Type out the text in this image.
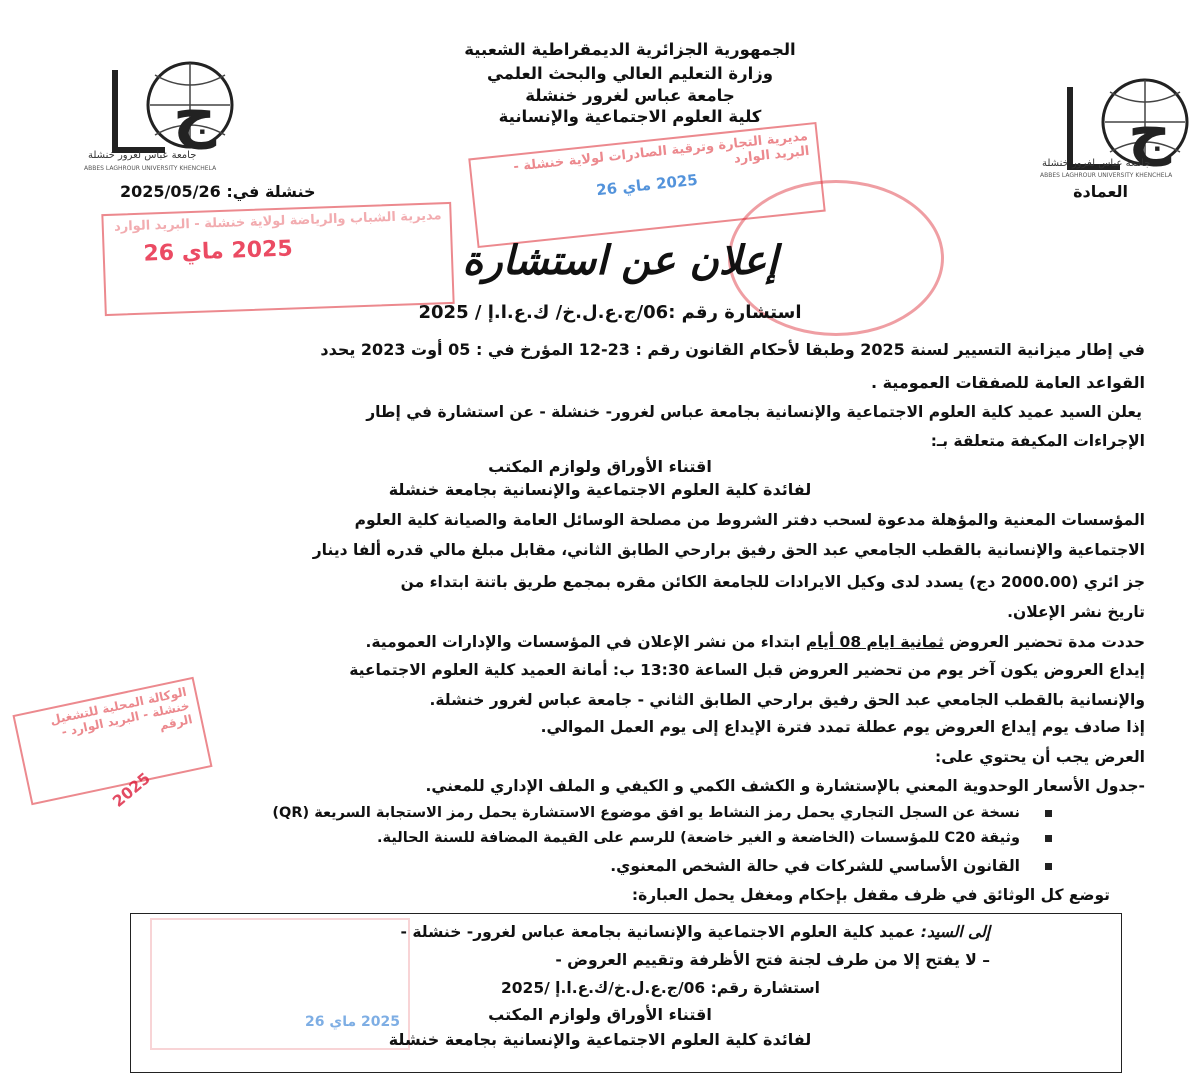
ج
جامعة عباس لغرور خنشلة
ABBES LAGHROUR UNIVERSITY KHENCHELA
ج
جامعة عباس لغرور خنشلة
ABBES LAGHROUR UNIVERSITY KHENCHELA
الجمهورية الجزائرية الديمقراطية الشعبية
وزارة التعليم العالي والبحث العلمي
جامعة عباس لغرور خنشلة
كلية العلوم الاجتماعية والإنسانية
العمادة
خنشلة في: 2025/05/26
مديرية التجارة وترقية الصادرات لولاية خنشلة - البريد الوارد
2025 ماي 26
مديرية الشباب والرياضة لولاية خنشلة - البريد الوارد
2025 ماي 26
الوكالة المحلية للتشغيل خنشلة - البريد الوارد - الرقم
2025
إعلان عن استشارة
استشارة رقم :06/ج.ع.ل.خ/ ك.ع.ا.إ / 2025
في إطار ميزانية التسيير لسنة 2025 وطبقا لأحكام القانون رقم : 23-12 المؤرخ في : 05 أوت 2023 يحدد
القواعد العامة للصفقات العمومية .
يعلن السيد عميد كلية العلوم الاجتماعية والإنسانية بجامعة عباس لغرور- خنشلة - عن استشارة في إطار
الإجراءات المكيفة متعلقة بـ:
اقتناء الأوراق ولوازم المكتب
لفائدة كلية العلوم الاجتماعية والإنسانية بجامعة خنشلة
المؤسسات المعنية والمؤهلة مدعوة لسحب دفتر الشروط من مصلحة الوسائل العامة والصيانة كلية العلوم
الاجتماعية والإنسانية بالقطب الجامعي عبد الحق رفيق برارحي الطابق الثاني، مقابل مبلغ مالي قدره ألفا دينار
جز ائري (2000.00 دج) يسدد لدى وكيل الايرادات للجامعة الكائن مقره بمجمع طريق باتنة ابتداء من
تاريخ نشر الإعلان.
حددت مدة تحضير العروض ثمانية ايام 08 أيام ابتداء من نشر الإعلان في المؤسسات والإدارات العمومية.
إيداع العروض يكون آخر يوم من تحضير العروض قبل الساعة 13:30 ب: أمانة العميد كلية العلوم الاجتماعية
والإنسانية بالقطب الجامعي عبد الحق رفيق برارحي الطابق الثاني - جامعة عباس لغرور خنشلة.
إذا صادف يوم إيداع العروض يوم عطلة تمدد فترة الإيداع إلى يوم العمل الموالي.
العرض يجب أن يحتوي على:
-جدول الأسعار الوحدوية المعني بالإستشارة و الكشف الكمي و الكيفي و الملف الإداري للمعني.
نسخة عن السجل التجاري يحمل رمز النشاط يو افق موضوع الاستشارة يحمل رمز الاستجابة السريعة (QR)
وثيقة C20 للمؤسسات (الخاضعة و الغير خاضعة) للرسم على القيمة المضافة للسنة الحالية.
القانون الأساسي للشركات في حالة الشخص المعنوي.
توضع كل الوثائق في ظرف مقفل بإحكام ومغفل يحمل العبارة:
2025 ماي 26
إلى السيد: عميد كلية العلوم الاجتماعية والإنسانية بجامعة عباس لغرور- خنشلة -
– لا يفتح إلا من طرف لجنة فتح الأظرفة وتقييم العروض -
استشارة رقم: 06/ج.ع.ل.خ/ك.ع.ا.إ /2025
اقتناء الأوراق ولوازم المكتب
لفائدة كلية العلوم الاجتماعية والإنسانية بجامعة خنشلة
